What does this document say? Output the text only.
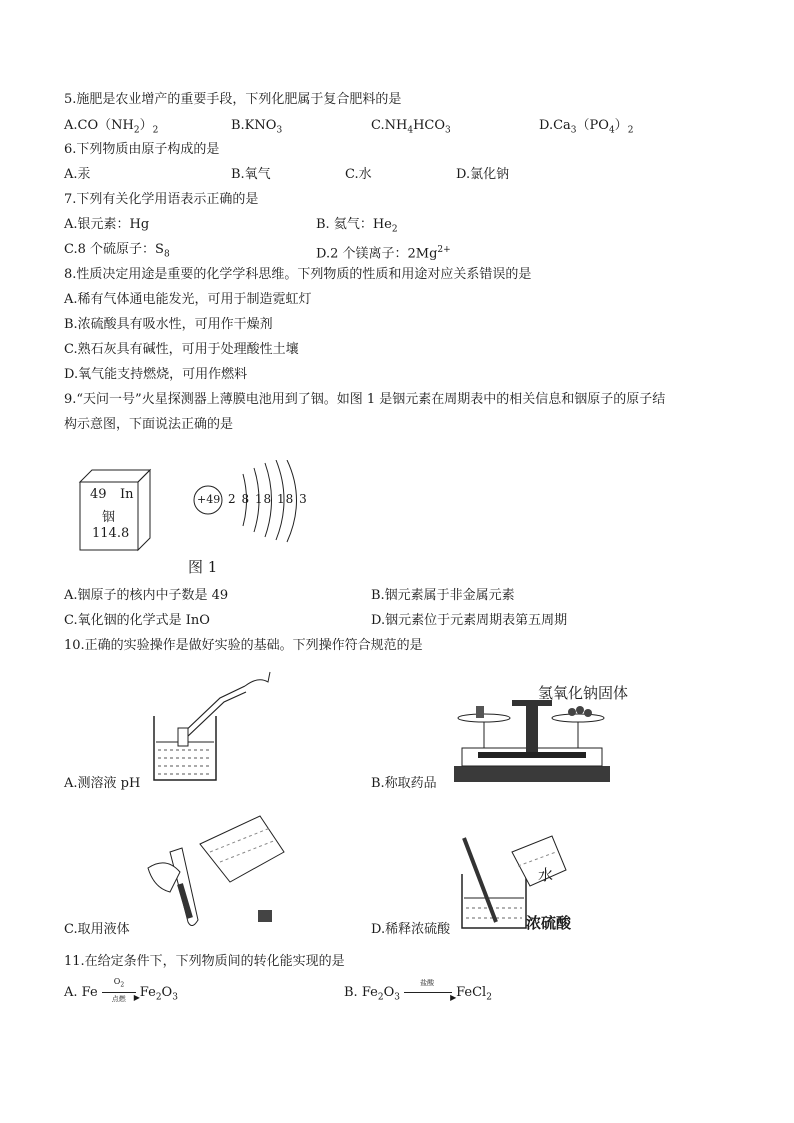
5.施肥是农业增产的重要手段，下列化肥属于复合肥料的是
$A.CO(NH_2)_2$	$B.KNO_3$	$C.NH_4HCO_3$	$D.Ca_3(PO_4)_2$
6.下列物质由原子构成的是
A.汞	B.氧气	C.水	D.氯化钠
7.下列有关化学用语表示正确的是
A.银元素：Hg	B. 氦气：$He_2$
C.8 个硫原子：$S_8$	D.2 个镁离子：$2Mg^{2+}$
8.性质决定用途是重要的化学学科思维。下列物质的性质和用途对应关系错误的是
A.稀有气体通电能发光，可用于制造霓虹灯
B.浓硫酸具有吸水性，可用作干燥剂
C.熟石灰具有碱性，可用于处理酸性土壤
D.氧气能支持燃烧，可用作燃料
9.“天问一号”火星探测器上薄膜电池用到了铟。如图 1 是铟元素在周期表中的相关信息和铟原子的原子结
构示意图，下面说法正确的是
49 In
铟
114.8
+49 2 8 18 18 3
图 1
A.铟原子的核内中子数是 49	B.铟元素属于非金属元素
C.氧化铟的化学式是 InO	D.铟元素位于元素周期表第五周期
10.正确的实验操作是做好实验的基础。下列操作符合规范的是
A.测溶液 pH
氢氧化钠固体
B.称取药品
C.取用液体
水
浓硫酸
D.稀释浓硫酸
11.在给定条件下，下列物质间的转化能实现的是
A. Fe
$O_2$
▶
点燃 $Fe_2O_3$	B. $Fe_2O_3$
盐酸
▶ FeCl$_2$
